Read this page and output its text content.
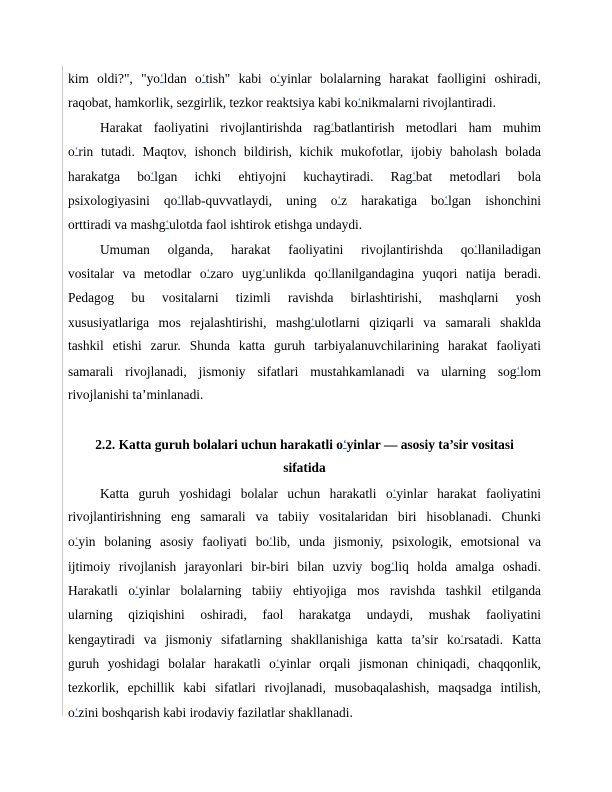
kim oldi?", "yo‘ldan o‘tish" kabi o‘yinlar bolalarning harakat faolligini oshiradi,
raqobat, hamkorlik, sezgirlik, tezkor reaktsiya kabi ko‘nikmalarni rivojlantiradi.
Harakat faoliyatini rivojlantirishda rag‘batlantirish metodlari ham muhim
o‘rin tutadi. Maqtov, ishonch bildirish, kichik mukofotlar, ijobiy baholash bolada
harakatga bo‘lgan ichki ehtiyojni kuchaytiradi. Rag‘bat metodlari bola
psixologiyasini qo‘llab-quvvatlaydi, uning o‘z harakatiga bo‘lgan ishonchini
orttiradi va mashg‘ulotda faol ishtirok etishga undaydi.
Umuman olganda, harakat faoliyatini rivojlantirishda qo‘llaniladigan
vositalar va metodlar o‘zaro uyg‘unlikda qo‘llanilgandagina yuqori natija beradi.
Pedagog bu vositalarni tizimli ravishda birlashtirishi, mashqlarni yosh
xususiyatlariga mos rejalashtirishi, mashg‘ulotlarni qiziqarli va samarali shaklda
tashkil etishi zarur. Shunda katta guruh tarbiyalanuvchilarining harakat faoliyati
samarali rivojlanadi, jismoniy sifatlari mustahkamlanadi va ularning sog‘lom
rivojlanishi ta’minlanadi.
2.2. Katta guruh bolalari uchun harakatli o‘yinlar — asosiy ta’sir vositasi
sifatida
Katta guruh yoshidagi bolalar uchun harakatli o‘yinlar harakat faoliyatini
rivojlantirishning eng samarali va tabiiy vositalaridan biri hisoblanadi. Chunki
o‘yin bolaning asosiy faoliyati bo‘lib, unda jismoniy, psixologik, emotsional va
ijtimoiy rivojlanish jarayonlari bir-biri bilan uzviy bog‘liq holda amalga oshadi.
Harakatli o‘yinlar bolalarning tabiiy ehtiyojiga mos ravishda tashkil etilganda
ularning qiziqishini oshiradi, faol harakatga undaydi, mushak faoliyatini
kengaytiradi va jismoniy sifatlarning shakllanishiga katta ta’sir ko‘rsatadi. Katta
guruh yoshidagi bolalar harakatli o‘yinlar orqali jismonan chiniqadi, chaqqonlik,
tezkorlik, epchillik kabi sifatlari rivojlanadi, musobaqalashish, maqsadga intilish,
o‘zini boshqarish kabi irodaviy fazilatlar shakllanadi.
